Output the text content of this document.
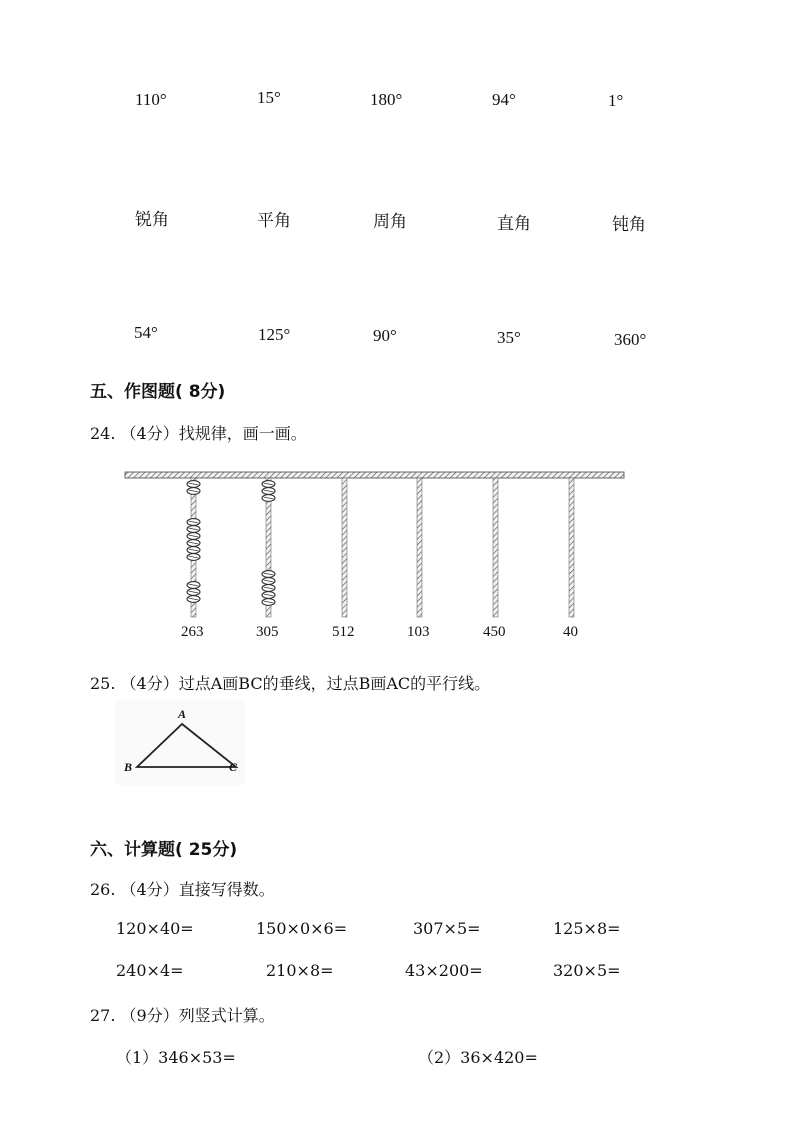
110°	15°	180°	94°	1°
锐角	平角	周角	直角	钝角
54°	125°	90°	35°	360°
五、作图题( 8分)
24. （4分）找规律，画一画。
263	305	512	103	450	40
25. （4分）过点A画BC的垂线，过点B画AC的平行线。
A
B	C
六、计算题( 25分)
26. （4分）直接写得数。
120×40=	150×0×6=	307×5=	125×8=
240×4=	210×8=	43×200=	320×5=
27. （9分）列竖式计算。
（1）346×53=	（2）36×420=
